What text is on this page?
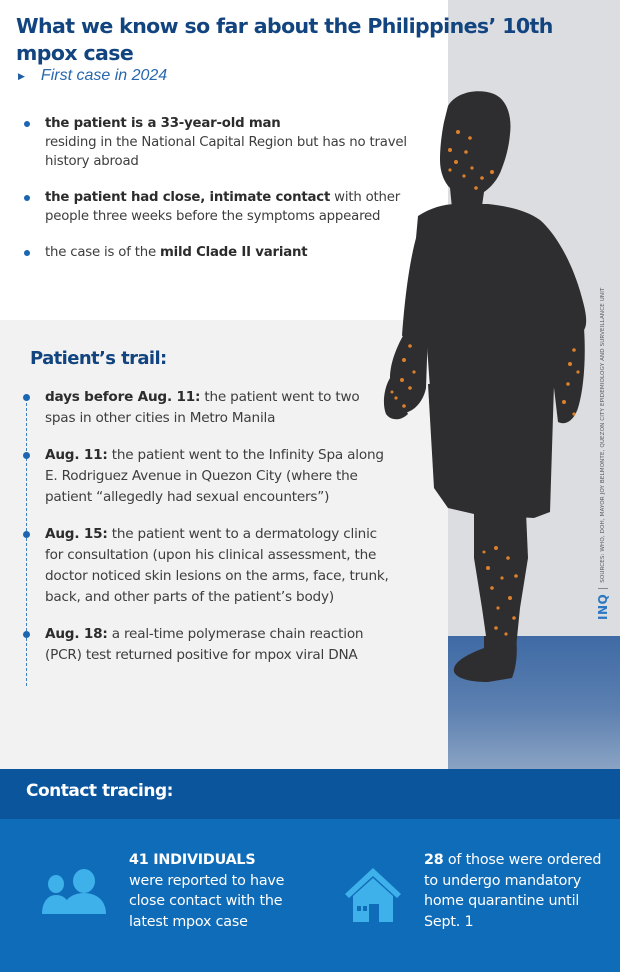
What we know so far about the Philippines’ 10th mpox case
▶ First case in 2024
the patient is a 33-year-old man
residing in the National Capital Region but has no travel history abroad
the patient had close, intimate contact with other people three weeks before the symptoms appeared
the case is of the mild Clade II variant
Patient’s trail:
days before Aug. 11: the patient went to two spas in other cities in Metro Manila
Aug. 11: the patient went to the Infinity Spa along E. Rodriguez Avenue in Quezon City (where the patient “allegedly had sexual encounters”)
Aug. 15: the patient went to a dermatology clinic for consultation (upon his clinical assessment, the doctor noticed skin lesions on the arms, face, trunk, back, and other parts of the patient’s body)
Aug. 18: a real-time polymerase chain reaction (PCR) test returned positive for mpox viral DNA
INQ
SOURCES: WHO, DOH, MAYOR JOY BELMONTE, QUEZON CITY EPIDEMIOLOGY AND SURVEILLANCE UNIT
Contact tracing:
41 INDIVIDUALS
were reported to have close contact with the latest mpox case
28 of those were ordered to undergo mandatory home quarantine until Sept. 1
